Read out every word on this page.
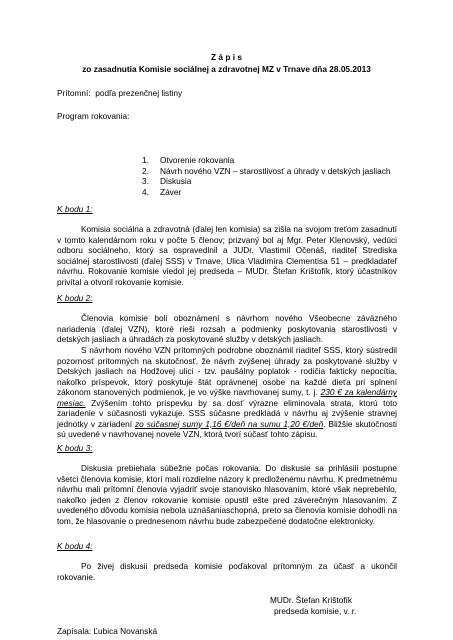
Z á p i s
zo zasadnutia Komisie sociálnej a zdravotnej MZ v Trnave dňa 28.05.2013
Prítomní: podľa prezenčnej listiny
Program rokovania:
1. Otvorenie rokovania
2. Návrh nového VZN – starostlivosť a úhrady v detských jasliach
3. Diskusia
4. Záver
K bodu 1:
Komisia sociálna a zdravotná (ďalej len komisia) sa zišla na svojom treťom zasadnutí v tomto kalendárnom roku v počte 5 členov; prizvaný bol aj Mgr. Peter Klenovský, vedúci odboru sociálneho, ktorý sa ospravedlnil a JUDr. Vlastimil Očenáš, riaditeľ Strediska sociálnej starostlivosti (ďalej SSS) v Trnave, Ulica Vladimíra Clementisa 51 – predkladateľ návrhu. Rokovanie komisie viedol jej predseda – MUDr. Štefan Krištofík, ktorý účastníkov privítal a otvoril rokovanie komisie.
K bodu 2:
Členovia komisie boli oboznámení s návrhom nového Všeobecne záväzného nariadenia (ďalej VZN), ktoré rieši rozsah a podmienky poskytovania starostlivosti v detských jasliach a úhradách za poskytované služby v detských jasliach.
S návrhom nového VZN prítomných podrobne oboznámil riaditeľ SSS, ktorý sústredil pozornosť prítomných na skutočnosť, že návrh zvýšenej úhrady za poskytované služby v Detských jasliach na Hodžovej ulici - tzv. paušálny poplatok - rodičia fakticky nepocítia, nakoľko príspevok, ktorý poskytuje štát oprávnenej osobe na každé dieťa pri splnení zákonom stanovených podmienok, je vo výške navrhovanej sumy, t. j. 230 € za kalendárny mesiac. Zvýšením tohto príspevku by sa dosť výrazne eliminovala strata, ktorú toto zariadenie v súčasnosti vykazuje. SSS súčasne predkladá v návrhu aj zvýšenie stravnej jednotky v zariadení zo súčasnej sumy 1,16 €/deň na sumu 1,20 €/deň. Bližšie skutočnosti sú uvedené v navrhovanej novele VZN, ktorá tvorí súčasť tohto zápisu.
K bodu 3:
Diskusia prebiehala súbežne počas rokovania. Do diskusie sa prihlásili postupne všetci členovia komisie, ktorí mali rozdielne názory k predloženému návrhu. K predmetnému návrhu mali prítomní členovia vyjadriť svoje stanovisko hlasovaním, ktoré však neprebehlo, nakoľko jeden z členov rokovanie komisie opustil ešte pred záverečným hlasovaním. Z uvedeného dôvodu komisia nebola uznášaniaschopná, preto sa členovia komisie dohodli na tom, že hlasovanie o prednesenom návrhu bude zabezpečené dodatočne elektronicky.
K bodu 4:
Po živej diskusii predseda komisie poďakoval prítomným za účasť a ukončil rokovanie.
MUDr. Štefan Krištofík
predseda komisie, v. r.
Zapísala: Ľubica Novanská
